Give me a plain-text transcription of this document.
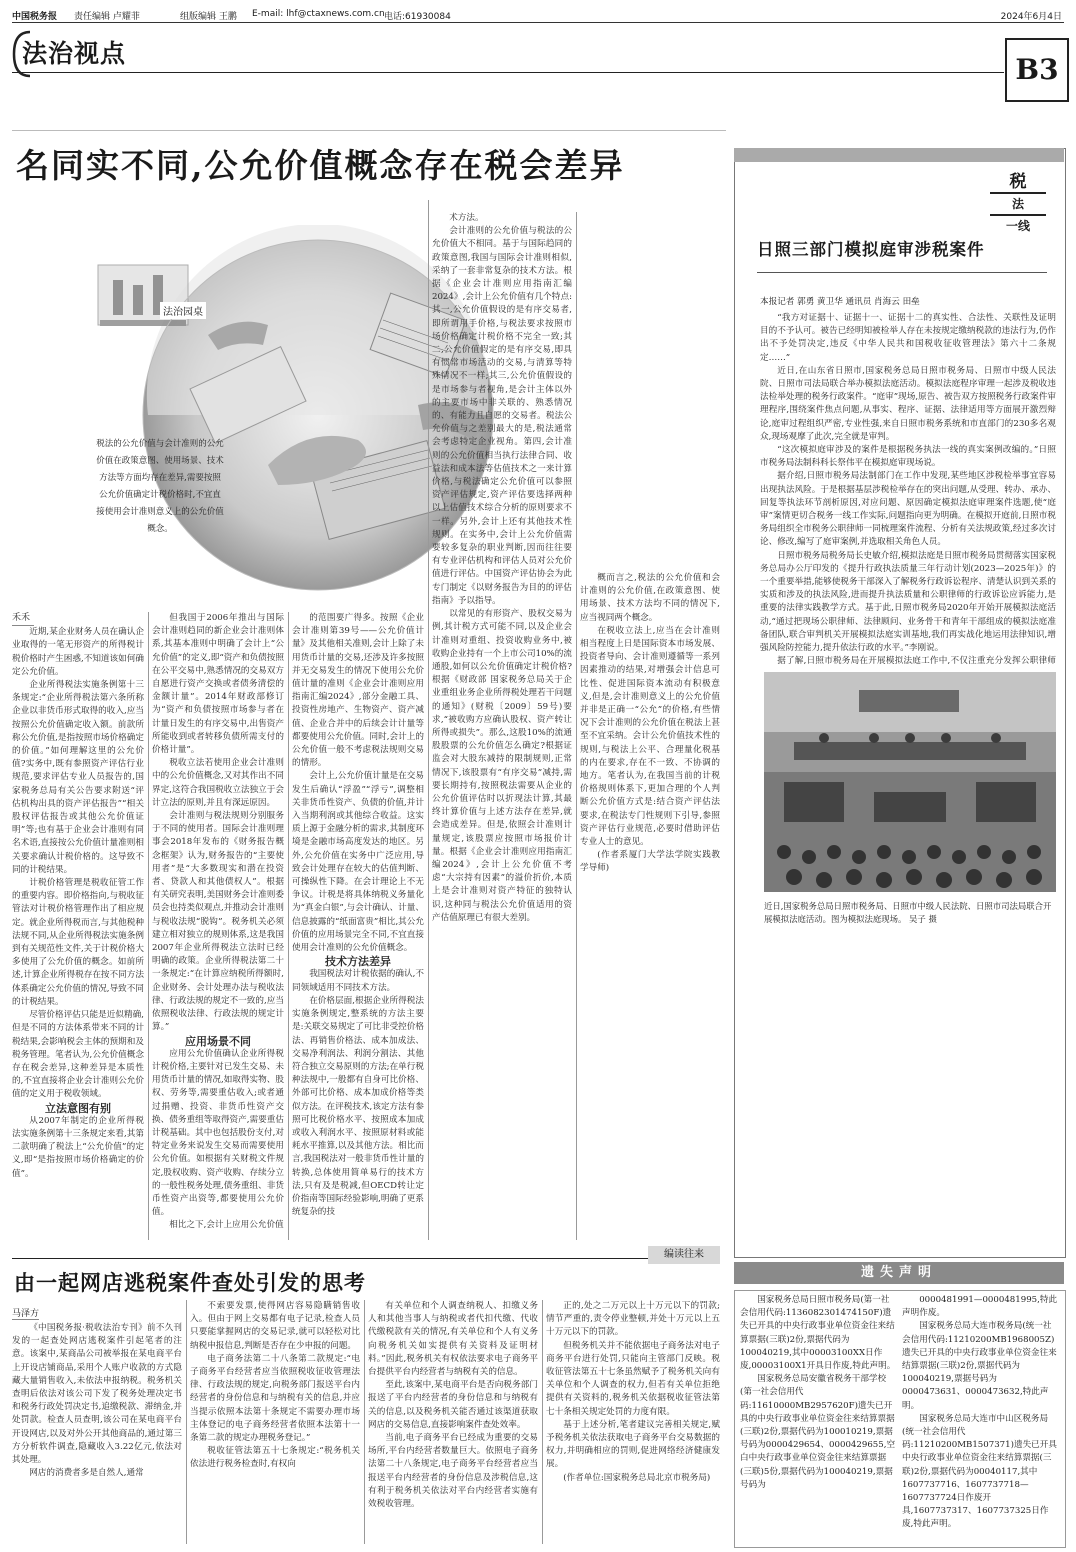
中国税务报 责任编辑 卢耀菲	组版编辑 王鹏 E-mail: lhf@ctaxnews.com.cn 电话:61930084	2024年6月4日
法治视点	B3
名同实不同,公允价值概念存在税会差异
法治园桌
税法的公允价值与会计准则的公允价值在政策意图、使用场景、技术方法等方面均存在差异,需要按照公允价值确定计税价格时,不宜直接使用会计准则意义上的公允价值概念。

禾禾

近期,某企业财务人员在确认企业取得的一笔无形资产的所得税计税价格时产生困惑,不知道该如何确定公允价值。

企业所得税法实施条例第十三条规定:“企业所得税法第六条所称企业以非货币形式取得的收入,应当按照公允价值确定收入额。前款所称公允价值,是指按照市场价格确定的价值。”如何理解这里的公允价值?实务中,既有参照资产评估行业规范,要求评估专业人员报告的,国家税务总局有关公告要求附送“评估机构出具的资产评估报告”“相关股权评估报告或其他公允价值证明”等;也有基于企业会计准则有同名术语,直接按公允价值计量准则相关要求确认计税价格的。这导致不同的计税结果。

计税价格管理是税收征管工作的重要内容。即价格指向,与税收征管法对计税价格管理作出了相应规定。就企业所得税而言,与其他税种法规不同,从企业所得税法实施条例到有关规范性文件,关于计税价格大多使用了公允价值的概念。如前所述,计算企业所得税存在按不同方法体系确定公允价值的情况,导致不同的计税结果。

尽管价格评估只能是近似精确,但是不同的方法体系带来不同的计税结果,会影响税会主体的预期和及税务管理。笔者认为,公允价值概念存在税会差异,这种差异是本质性的,不宜直接将企业会计准则公允价值的定义用于税收领域。

立法意图有别

从2007年制定的企业所得税法实施条例第十三条规定来看,其第二款明确了税法上“公允价值”的定义,即“是指按照市场价格确定的价值”。

但我国于2006年推出与国际会计准则趋同的新企业会计准则体系,其基本准则中明确了会计上“公允价值”的定义,即“资产和负债按照在公平交易中,熟悉情况的交易双方自愿进行资产交换或者债务清偿的金额计量”。2014年财政部修订为“资产和负债按照市场参与者在计量日发生的有序交易中,出售资产所能收到或者转移负债所需支付的价格计量”。

税收立法若使用企业会计准则中的公允价值概念,又对其作出不同界定,这符合我国税收立法独立于会计立法的原则,并且有深远原因。

会计准则与税法规则分别服务于不同的使用者。国际会计准则理事会2018年发布的《财务报告概念框架》认为,财务报告的“主要使用者”是“大多数现实和潜在投资者、贷款人和其他债权人”。根据有关研究表明,美国财务会计准则委员会也持类似观点,并推动会计准则与税收法规“脱钩”。税务机关必须建立相对独立的规则体系,这是我国2007年企业所得税法立法时已经明确的政策。企业所得税法第二十一条规定:“在计算应纳税所得额时,企业财务、会计处理办法与税收法律、行政法规的规定不一致的,应当依照税收法律、行政法规的规定计算。”

应用场景不同

应用公允价值确认企业所得税计税价格,主要针对已发生交易、未用货币计量的情况,如取得实物、股权、劳务等,需要重估收入;或者通过捐赠、投资、非货币性资产交换、债务重组等取得资产,需要重估计税基础。其中也包括股份支付,对特定业务来说发生交易而需要使用公允价值。如根据有关财税文件规定,股权收购、资产收购、存续分立的一般性税务处理,债务重组、非货币性资产出资等,都要使用公允价值。

相比之下,会计上应用公允价值

的范围要广得多。按照《企业会计准则第39号——公允价值计量》及其他相关准则,会计上除了未用货币计量的交易,还涉及许多按照并无交易发生的情况下使用公允价值计量的准则《企业会计准则应用指南汇编2024》,部分金融工具、投资性房地产、生物资产、资产减值、企业合并中的后续会计计量等都要使用公允价值。同时,会计上的公允价值一般不考虑税法规则交易的情形。

会计上,公允价值计量是在交易发生后确认“浮盈”“浮亏”,调整相关非货币性资产、负债的价值,并计入当期利润或其他综合收益。这实质上源于金融分析的需求,其制度环境是金融市场高度发达的地区。另外,公允价值在实务中广泛应用,导致会计处理存在较大的估值判断、可操纵性下降。在会计理论上不无争议。计税是将具体纳税义务量化为“真金白银”,与会计确认、计量、信息披露的“纸面富贵”相比,其公允价值的应用场景完全不同,不宜直接使用会计准则的公允价值概念。

技术方法差异

我国税法对计税依据的确认,不同领域适用不同技术方法。

在价格层面,根据企业所得税法实施条例规定,整系统的方法主要是:关联交易规定了可比非受控价格法、再销售价格法、成本加成法、交易净利润法、利润分割法、其他符合独立交易原则的方法;在单行税种法规中,一般都有自身可比价格、外部可比价格、成本加成价格等类似方法。在评税技术,该定方法有参照可比税价格水平、按照成本加成或收入利润水平、按照原材料或能耗水平推算,以及其他方法。相比而言,我国税法对一般非货币性计量的转换,总体使用简单易行的技术方法,只有及是税减,但OECD转让定价指南等国际经验影响,明确了更系统复杂的技

术方法。

会计准则的公允价值与税法的公允价值大不相同。基于与国际趋同的政策意图,我国与国际会计准则相似,采纳了一套非常复杂的技术方法。根据《企业会计准则应用指南汇编2024》,会计上公允价值有几个特点:其一,公允价值假设的是有序交易者,即所谓用手价格,与税法要求按照市场价格确定计税价格不完全一致;其二,公允价值假定的是有序交易,即具有惯常市场活动的交易,与清算等特殊情况不一样;其三,公允价值假设的是市场参与者视角,是会计主体以外的主要市场中非关联的、熟悉情况的、有能力且自愿的交易者。税法公允价值与之差别最大的是,税法通常会考虑特定企业视角。第四,会计准则的公允价值相当执行法律合同、收益法和成本法等估值技术之一来计算价格,与税法确定公允价值可以参照资产评估规定,资产评估要选择两种以上估值技术综合分析的原则要求不一样。另外,会计上还有其他技术性规则。在实务中,会计上公允价值需要较多复杂的职业判断,因而往往要有专业评估机构和评估人员对公允价值进行评估。中国资产评估协会为此专门制定《以财务报告为目的的评估指南》予以指导。

以常见的有形资产、股权交易为例,其计税方式可能不同,以及企业会计准则对重组、投资收购业务中,被收购企业持有一个上市公司10%的流通股,如何以公允价值确定计税价格?根据《财政部 国家税务总局关于企业重组业务企业所得税处理若干问题的通知》(财税〔2009〕59号)要求,“被收购方应确认股权、资产转让所得或损失”。那么,这股10%的流通股股票的公允价值怎么确定?根据证监会对大股东减持的限制规则,正常情况下,该股票有“有序交易”减持,需要长期持有,按照税法需要从企业的公允价值评估时以折现法计算,其最终计算价值与上述方法存在差异,就会造成差异。但是,依照会计准则计量规定,该股票应按照市场报价计量。根据《企业会计准则应用指南汇编2024》,会计上公允价值不考虑“大宗持有因素”的溢价折价,本质上是会计准则对资产特征的独特认识,这种同与税法公允价值适用的资产估值原理已有很大差别。

概而言之,税法的公允价值和会计准则的公允价值,在政策意图、使用场景、技术方法均不同的情况下,应当视同两个概念。

在税收立法上,应当在会计准则相当程度上日是国际资本市场发展、投资者导向、会计准则遵循等一系列因素推动的结果,对增强会计信息可比性、促进国际资本流动有积极意义,但是,会计准则意义上的公允价值并非是正确一“公允”的价格,有些情况下会计准则的公允价值在税法上甚至不宜采纳。会计公允价值技术性的规则,与税法上公平、合理量化税基的内在要求,存在不一致、不协调的地方。笔者认为,在我国当前的计税价格规则体系下,更加合理的个人判断公允价值方式是:结合资产评估法要求,在税法专门性规则下引导,参照资产评估行业规范,必要时借助评估专业人士的意见。

(作者系厦门大学法学院实践教学导师)

税
法
一线
日照三部门模拟庭审涉税案件
本报记者 郭勇 黄卫华 通讯员 肖海云 田垒

“我方对证据十、证据十一、证据十二的真实性、合法性、关联性及证明目的不予认可。被告已经明知被检举人存在未按规定缴纳税款的违法行为,仍作出不予处罚决定,违反《中华人民共和国税收征收管理法》第六十二条规定……”

近日,在山东省日照市,国家税务总局日照市税务局、日照市中级人民法院、日照市司法局联合举办模拟法庭活动。模拟法庭程序审理一起涉及税收违法检举处理的税务行政案件。“庭审”现场,原告、被告双方按照税务行政案件审理程序,围绕案件焦点问题,从事实、程序、证据、法律适用等方面展开激烈辩论,庭审过程组织严密,专业性强,来自日照市税务系统和市直部门的230多名观众,现场观摩了此次,完全就是审判。

“这次模拟庭审涉及的案件是根据税务执法一线的真实案例改编的。”日照市税务局法制科科长祭伟平在模拟庭审现场说。

据介绍,日照市税务局法制部门在工作中发现,某些地区涉税检举事宜容易出现执法风险。于是根据基层涉税检举存在的突出问题,从受理、转办、承办、回复等执法环节剖析原因,对应问题、原因确定模拟法庭审理案件选题,使“庭审”案情更切合税务一线工作实际,问题指向更为明确。在模拟开庭前,日照市税务局组织全市税务公职律师一同梳理案件流程、分析有关法规政策,经过多次讨论、修改,编写了庭审案例,并选取相关角色人员。

日照市税务局税务局长史敏介绍,模拟法庭是日照市税务局贯彻落实国家税务总局办公厅印发的《提升行政执法质量三年行动计划(2023—2025年)》的一个重要举措,能够使税务干部深入了解税务行政诉讼程序、清楚认识到关系的实质和涉及的执法风险,进而提升执法质量和公职律师的行政诉讼应诉能力,是重要的法律实践教学方式。基于此,日照市税务局2020年开始开展模拟法庭活动,“通过把现场公职律师、法律顾问、业务骨干和青年干部组成的模拟法庭准备团队,联合审判机关开展模拟法庭实训基地,我们再实战化地运用法律知识,增强风险防控能力,提升依法行政的水平。”李刚说。

据了解,日照市税务局在开展模拟法庭工作中,不仅注重充分发挥公职律师

近日,国家税务总局日照市税务局、日照市中级人民法院、日照市司法局联合开展模拟法庭活动。图为模拟法庭现场。 吴子 摄
编读往来
由一起网店逃税案件查处引发的思考
马泽方

《中国税务报·税收法治专刊》前不久刊发的一起查处网店逃税案件引起笔者的注意。该案中,某商品公司被举报在某电商平台上开设店铺商品,采用个人账户收款的方式隐藏大量销售收入,未依法申报纳税。税务机关查明后依法对该公司下发了税务处理决定书和税务行政处罚决定书,追缴税款、滞纳金,并处罚款。检查人员查明,该公司在某电商平台开设网店,以及对外公开其他商品的,通过第三方分析软件调查,隐藏收入3.22亿元,依法对其处理。

网店的消费者多是自然人,通常

不索要发票,使得网店容易隐瞒销售收入。但由于网上交易都有电子记录,检查人员只要能掌握网店的交易记录,就可以轻松对比纳税申报信息,判断是否存在少申报的问题。

电子商务法第二十八条第二款规定:“电子商务平台经营者应当依照税收征收管理法律、行政法规的规定,向税务部门报送平台内经营者的身份信息和与纳税有关的信息,并应当提示依照本法第十条规定不需要办理市场主体登记的电子商务经营者依照本法第十一条第二款的规定办理税务登记。”

税收征管法第五十七条规定:“税务机关依法进行税务检查时,有权向

有关单位和个人调查纳税人、扣缴义务人和其他当事人与纳税或者代扣代缴、代收代缴税款有关的情况,有关单位和个人有义务向税务机关如实提供有关资料及证明材料。”因此,税务机关有权依法要求电子商务平台提供平台内经营者与纳税有关的信息。

至此,该案中,某电商平台是否向税务部门报送了平台内经营者的身份信息和与纳税有关的信息,以及税务机关能否通过该渠道获取网店的交易信息,直接影响案件查处效率。

当前,电子商务平台已经成为重要的交易场所,平台内经营者数量巨大。依照电子商务法第二十八条规定,电子商务平台经营者应当报送平台内经营者的身份信息及涉税信息,这有利于税务机关依法对平台内经营者实施有效税收管理。

正的,处之二万元以上十万元以下的罚款;情节严重的,责令停业整顿,并处十万元以上五十万元以下的罚款。

但税务机关并不能依据电子商务法对电子商务平台进行处罚,只能向主管部门反映。税收征管法第五十七条虽然赋予了税务机关向有关单位和个人调查的权力,但若有关单位拒绝提供有关资料的,税务机关依据税收征管法第七十条相关规定处罚的力度有限。

基于上述分析,笔者建议完善相关规定,赋予税务机关依法获取电子商务平台交易数据的权力,并明确相应的罚则,促进网络经济健康发展。

(作者单位:国家税务总局北京市税务局)

遗失声明

国家税务总局日照市税务局(第一社会信用代码:1136082301474150F)遗失已开具的中央行政事业单位资金往来结算票据(三联)2份,票据代码为100040219,其中00003100XX日作废,00003100X1开具日作废,特此声明。

国家税务总局安徽省税务干部学校(第一社会信用代码:11610000MB2957620F)遗失已开具的中央行政事业单位资金往来结算票据(三联)2份,票据代码为100010219,票据号码为0000429654、0000429655,空白中央行政事业单位资金往来结算票据(三联)5份,票据代码为100040219,票据号码为

0000481991—0000481995,特此声明作废。

国家税务总局大连市税务局(统一社会信用代码:11210200MB1968005Z)遗失已开具的中央行政事业单位资金往来结算票据(三联)2份,票据代码为100040219,票据号码为0000473631、0000473632,特此声明。

国家税务总局大连市中山区税务局(统一社会信用代码:11210200MB1507371)遗失已开具中央行政事业单位资金往来结算票据(三联)2份,票据代码为00040117,其中1607737716、1607737718—1607737724日作废开具,1607737317、1607737325日作废,特此声明。
